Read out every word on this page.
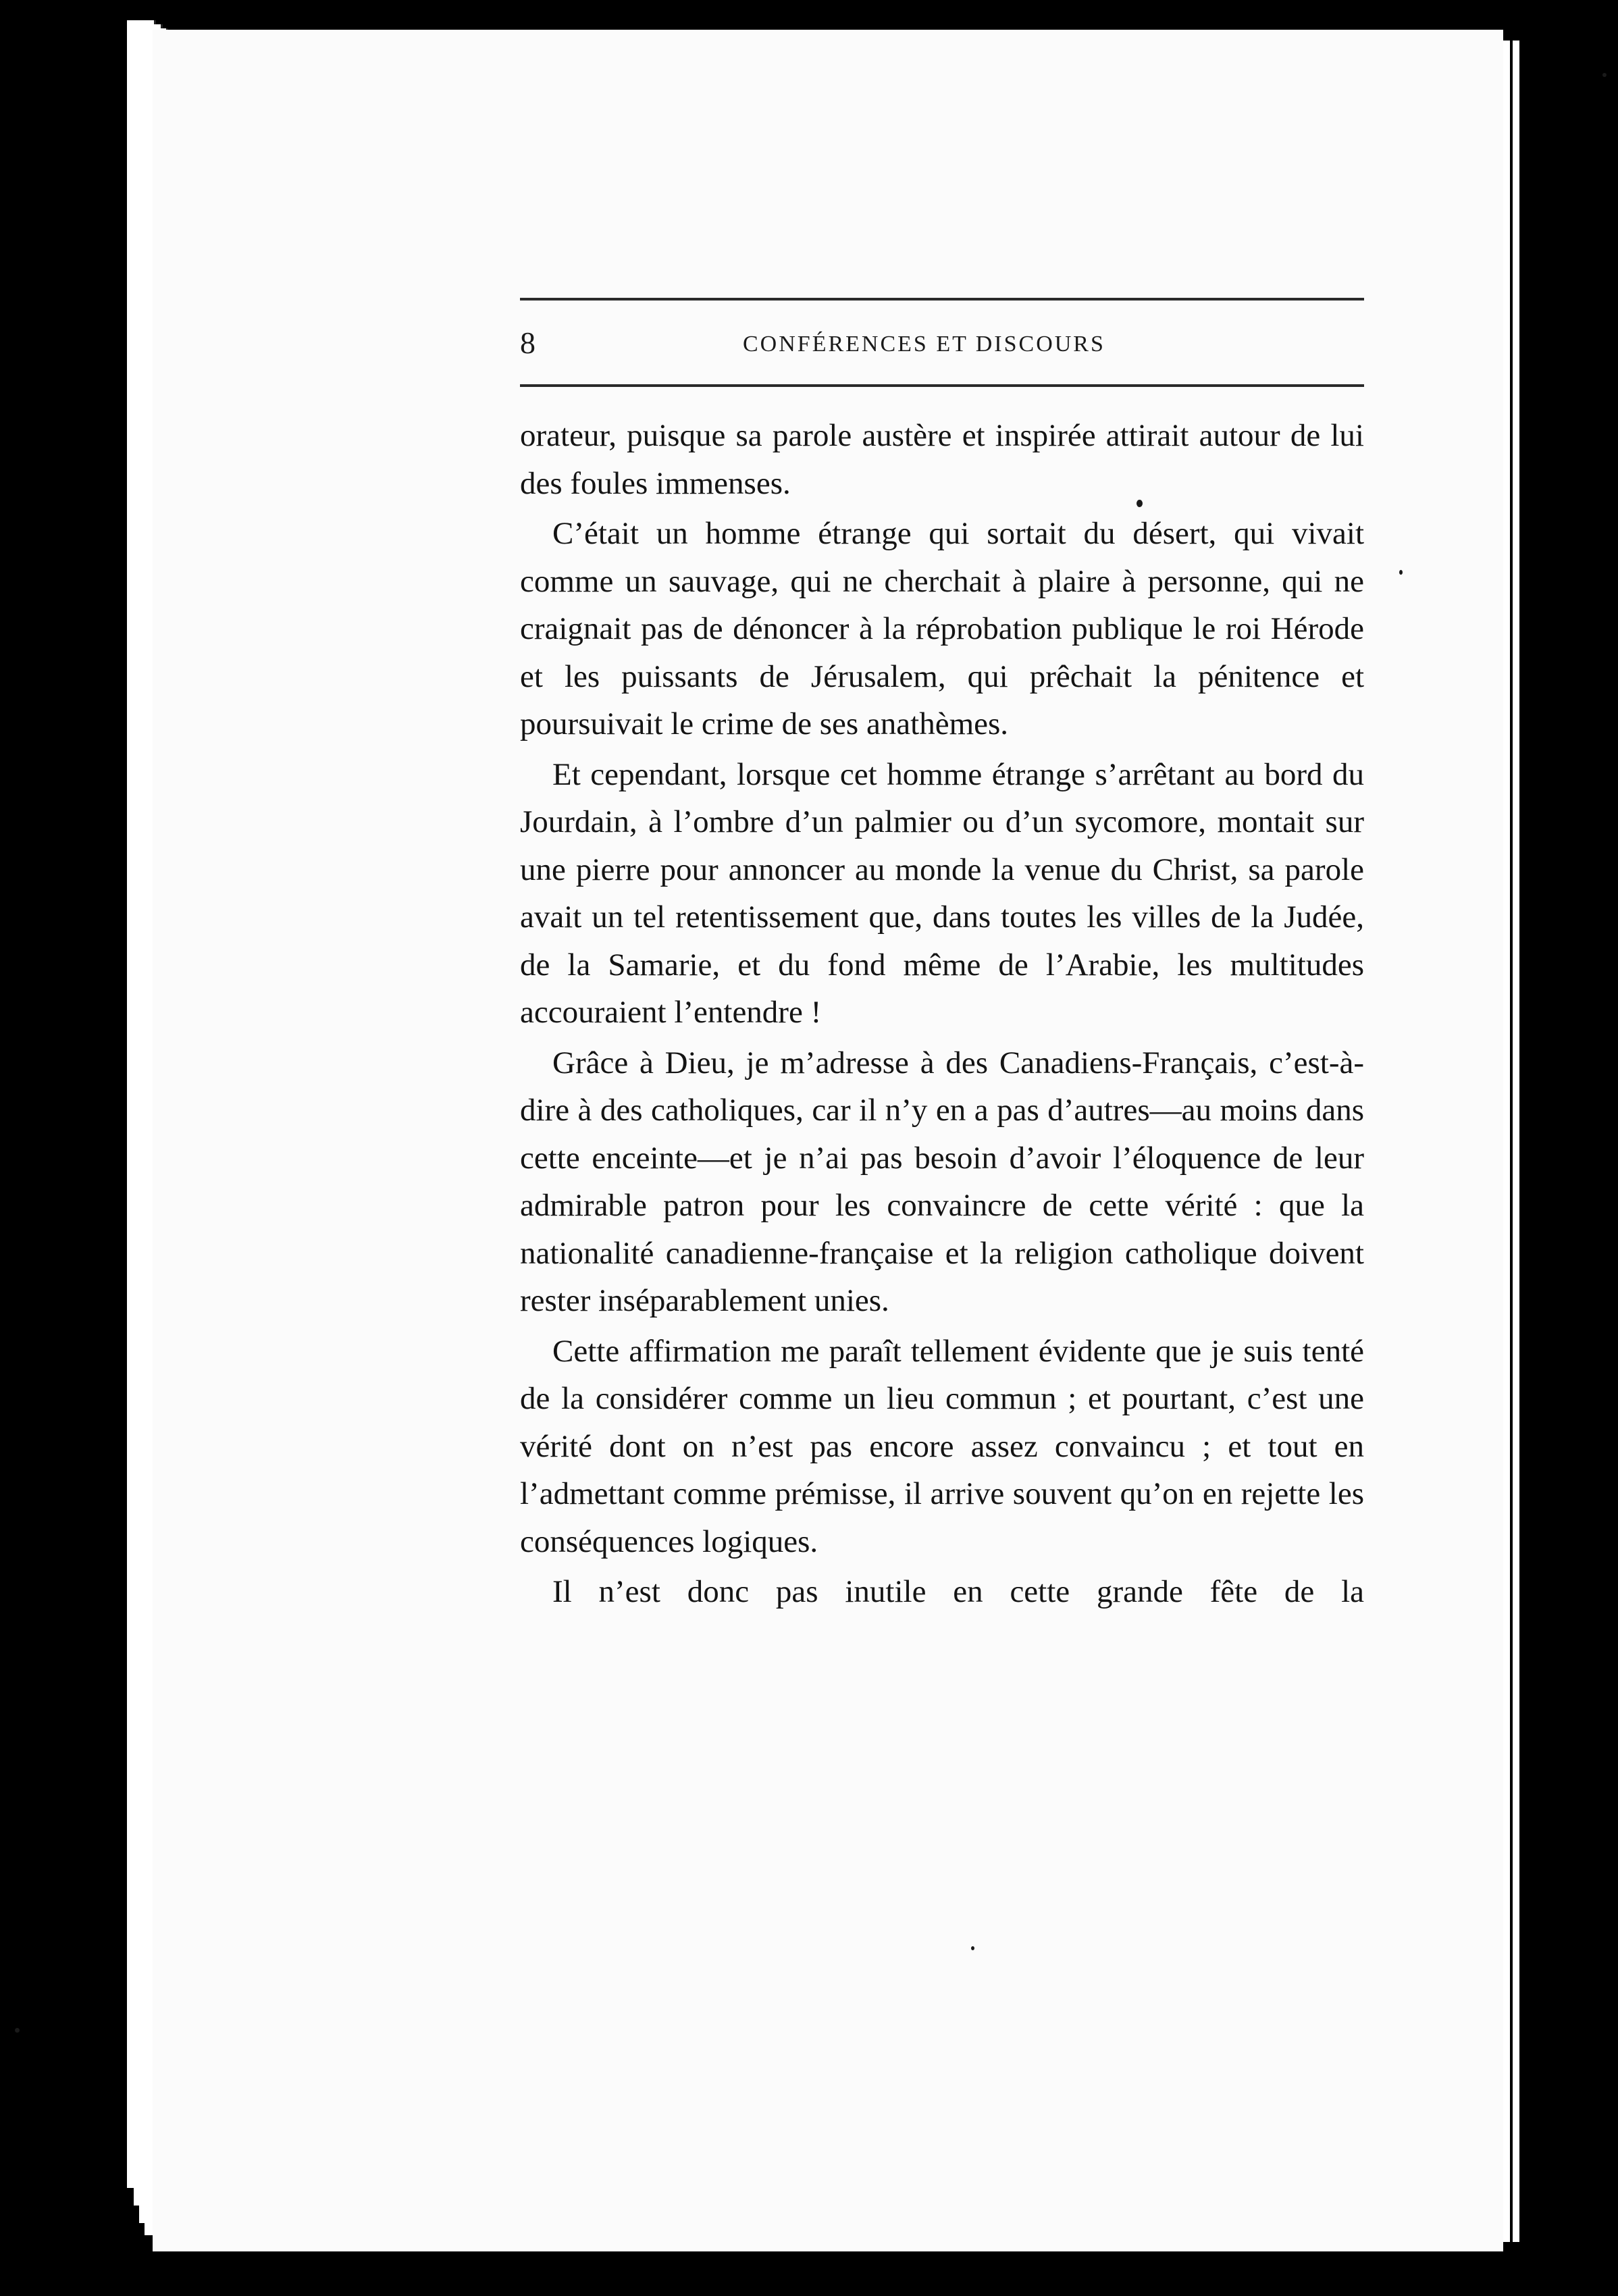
8	CONFÉRENCES ET DISCOURS

orateur, puisque sa parole austère et inspirée attirait autour de lui des foules immenses.

C’était un homme étrange qui sortait du désert, qui vivait comme un sauvage, qui ne cherchait à plaire à personne, qui ne craignait pas de dénoncer à la réprobation publique le roi Hérode et les puissants de Jérusalem, qui prêchait la pénitence et poursuivait le crime de ses anathèmes.

Et cependant, lorsque cet homme étrange s’arrêtant au bord du Jourdain, à l’ombre d’un palmier ou d’un sycomore, montait sur une pierre pour annoncer au monde la venue du Christ, sa parole avait un tel retentissement que, dans toutes les villes de la Judée, de la Samarie, et du fond même de l’Arabie, les multitudes accouraient l’entendre !

Grâce à Dieu, je m’adresse à des Canadiens-Français, c’est-à-dire à des catholiques, car il n’y en a pas d’autres—au moins dans cette enceinte—et je n’ai pas besoin d’avoir l’éloquence de leur admirable patron pour les convaincre de cette vérité : que la nationalité canadienne-française et la religion catholique doivent rester inséparablement unies.

Cette affirmation me paraît tellement évidente que je suis tenté de la considérer comme un lieu commun ; et pourtant, c’est une vérité dont on n’est pas encore assez convaincu ; et tout en l’admettant comme prémisse, il arrive souvent qu’on en rejette les conséquences logiques.

Il n’est donc pas inutile en cette grande fête de la
